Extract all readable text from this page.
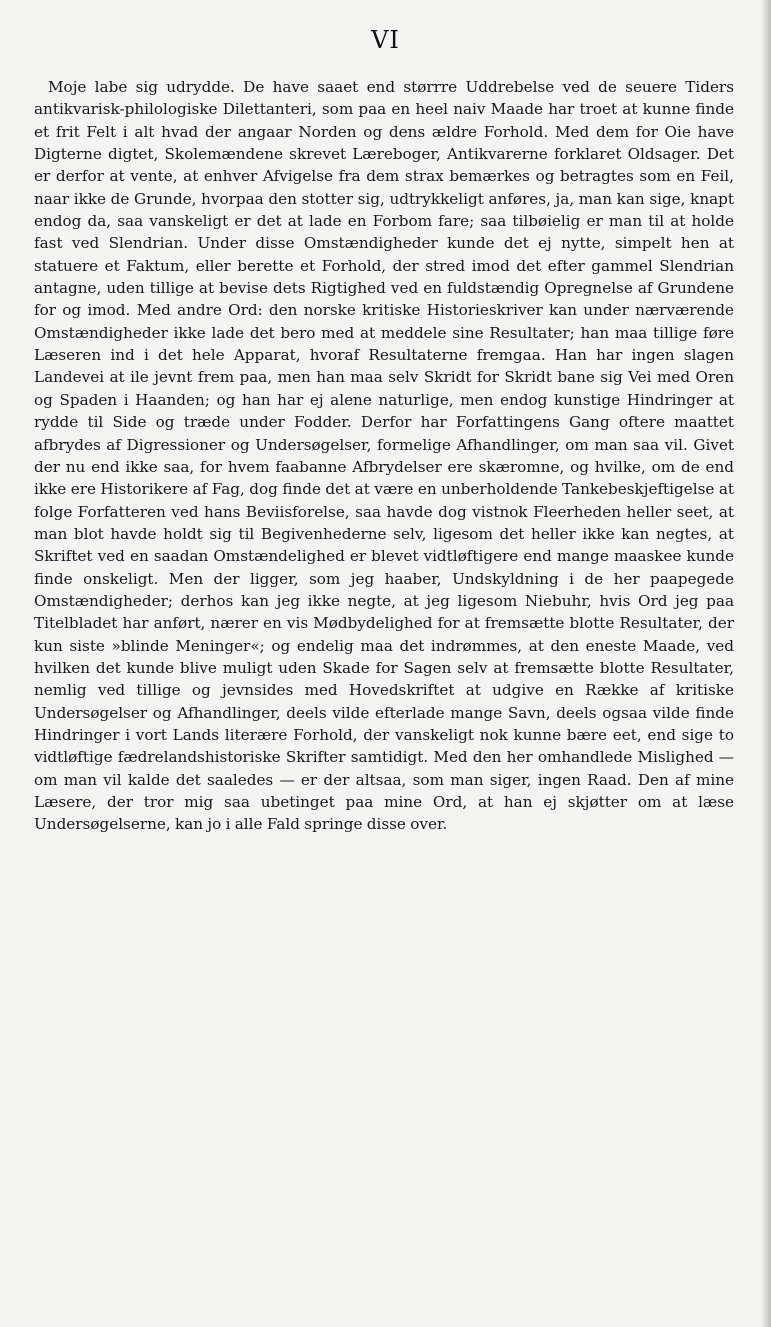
VI
Moje labe sig udrydde. De have saaet end størrre Uddrebelse ved de seuere Tiders antikvarisk-philologiske Dilettanteri, som paa en heel naiv Maade har troet at kunne finde et frit Felt i alt hvad der angaar Norden og dens ældre Forhold. Med dem for Oie have Digterne digtet, Skolemændene skrevet Læreboger, Antikvarerne forklaret Oldsager. Det er derfor at vente, at enhver Afvigelse fra dem strax bemærkes og betragtes som en Feil, naar ikke de Grunde, hvorpaa den stotter sig, udtrykkeligt anføres, ja, man kan sige, knapt endog da, saa vanskeligt er det at lade en Forbom fare; saa tilbøielig er man til at holde fast ved Slendrian. Under disse Omstændigheder kunde det ej nytte, simpelt hen at statuere et Faktum, eller berette et Forhold, der stred imod det efter gammel Slendrian antagne, uden tillige at bevise dets Rigtighed ved en fuldstændig Opregnelse af Grundene for og imod. Med andre Ord: den norske kritiske Historieskriver kan under nærværende Omstændigheder ikke lade det bero med at meddele sine Resultater; han maa tillige føre Læseren ind i det hele Apparat, hvoraf Resultaterne fremgaa. Han har ingen slagen Landevei at ile jevnt frem paa, men han maa selv Skridt for Skridt bane sig Vei med Oren og Spaden i Haanden; og han har ej alene naturlige, men endog kunstige Hindringer at rydde til Side og træde under Fodder. Derfor har Forfattingens Gang oftere maattet afbrydes af Digressioner og Undersøgelser, formelige Afhandlinger, om man saa vil. Givet der nu end ikke saa, for hvem faabanne Afbrydelser ere skæromne, og hvilke, om de end ikke ere Historikere af Fag, dog finde det at være en unberholdende Tankebeskjeftigelse at folge Forfatteren ved hans Beviisforelse, saa havde dog vistnok Fleerheden heller seet, at man blot havde holdt sig til Begivenhederne selv, ligesom det heller ikke kan negtes, at Skriftet ved en saadan Omstændelighed er blevet vidtløftigere end mange maaskee kunde finde onskeligt. Men der ligger, som jeg haaber, Undskyldning i de her paapegede Omstændigheder; derhos kan jeg ikke negte, at jeg ligesom Niebuhr, hvis Ord jeg paa Titelbladet har anført, nærer en vis Mødbydelighed for at fremsætte blotte Resultater, der kun siste »blinde Meninger«; og endelig maa det indrømmes, at den eneste Maade, ved hvilken det kunde blive muligt uden Skade for Sagen selv at fremsætte blotte Resultater, nemlig ved tillige og jevnsides med Hovedskriftet at udgive en Række af kritiske Undersøgelser og Afhandlinger, deels vilde efterlade mange Savn, deels ogsaa vilde finde Hindringer i vort Lands literære Forhold, der vanskeligt nok kunne bære eet, end sige to vidtløftige fædrelandshistoriske Skrifter samtidigt. Med den her omhandlede Mislighed — om man vil kalde det saaledes — er der altsaa, som man siger, ingen Raad. Den af mine Læsere, der tror mig saa ubetinget paa mine Ord, at han ej skjøtter om at læse Undersøgelserne, kan jo i alle Fald springe disse over.
